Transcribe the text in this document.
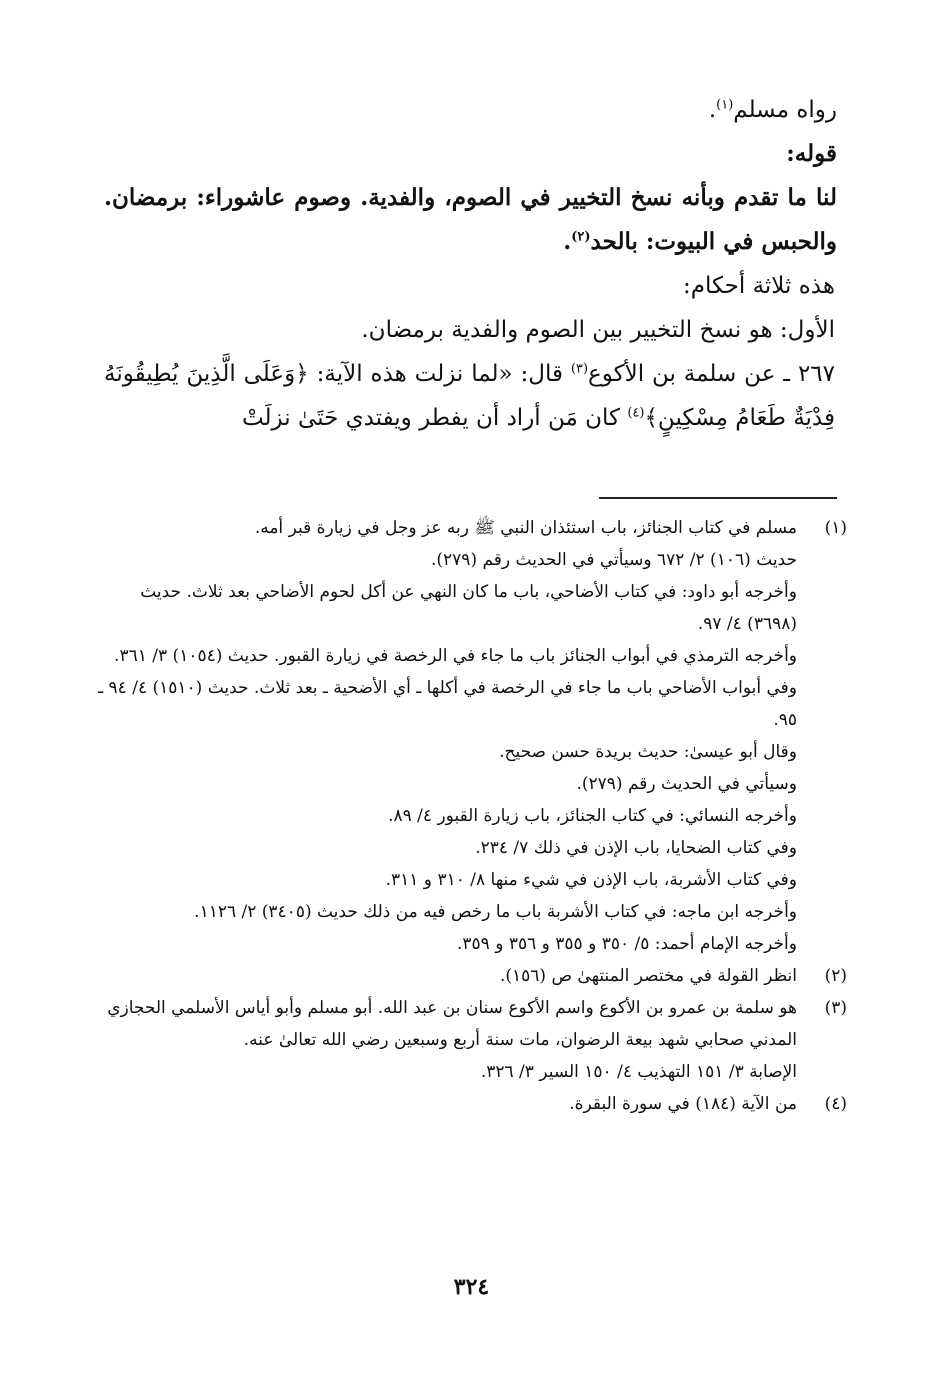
رواه مسلم$^{(١)}$.

قوله:

لنا ما تقدم وبأنه نسخ التخيير في الصوم، والفدية. وصوم عاشوراء: برمضان. والحبس في البيوت: بالحد$^{(٢)}$.

هذه ثلاثة أحكام:

الأول: هو نسخ التخيير بين الصوم والفدية برمضان.

٢٦٧ ـ عن سلمة بن الأكوع$^{(٣)}$ قال: «لما نزلت هذه الآية: ﴿وَعَلَى الَّذِينَ يُطِيقُونَهُ فِدْيَةٌ طَعَامُ مِسْكِينٍ﴾$^{(٤)}$ كان مَن أراد أن يفطر ويفتدي حَتَىٰ نزلَتْ

(١)

مسلم في كتاب الجنائز، باب استئذان النبي ﷺ ربه عز وجل في زيارة قبر أمه.

حديث (١٠٦) ٢/ ٦٧٢ وسيأتي في الحديث رقم (٢٧٩).

وأخرجه أبو داود: في كتاب الأضاحي، باب ما كان النهي عن أكل لحوم الأضاحي بعد ثلاث. حديث (٣٦٩٨) ٤/ ٩٧.

وأخرجه الترمذي في أبواب الجنائز باب ما جاء في الرخصة في زيارة القبور. حديث (١٠٥٤) ٣/ ٣٦١.

وفي أبواب الأضاحي باب ما جاء في الرخصة في أكلها ـ أي الأضحية ـ بعد ثلاث. حديث (١٥١٠) ٤/ ٩٤ ـ ٩٥.

وقال أبو عيسىٰ: حديث بريدة حسن صحيح.

وسيأتي في الحديث رقم (٢٧٩).

وأخرجه النسائي: في كتاب الجنائز، باب زيارة القبور ٤/ ٨٩.

وفي كتاب الضحايا، باب الإذن في ذلك ٧/ ٢٣٤.

وفي كتاب الأشربة، باب الإذن في شيء منها ٨/ ٣١٠ و ٣١١.

وأخرجه ابن ماجه: في كتاب الأشربة باب ما رخص فيه من ذلك حديث (٣٤٠٥) ٢/ ١١٢٦.

وأخرجه الإمام أحمد: ٥/ ٣٥٠ و ٣٥٥ و ٣٥٦ و ٣٥٩.

(٢)

انظر القولة في مختصر المنتهىٰ ص (١٥٦).

(٣)

هو سلمة بن عمرو بن الأكوع واسم الأكوع سنان بن عبد الله. أبو مسلم وأبو أياس الأسلمي الحجازي المدني صحابي شهد بيعة الرضوان، مات سنة أربع وسبعين رضي الله تعالىٰ عنه.

الإصابة ٣/ ١٥١ التهذيب ٤/ ١٥٠ السير ٣/ ٣٢٦.

(٤)

من الآية (١٨٤) في سورة البقرة.

٣٢٤
